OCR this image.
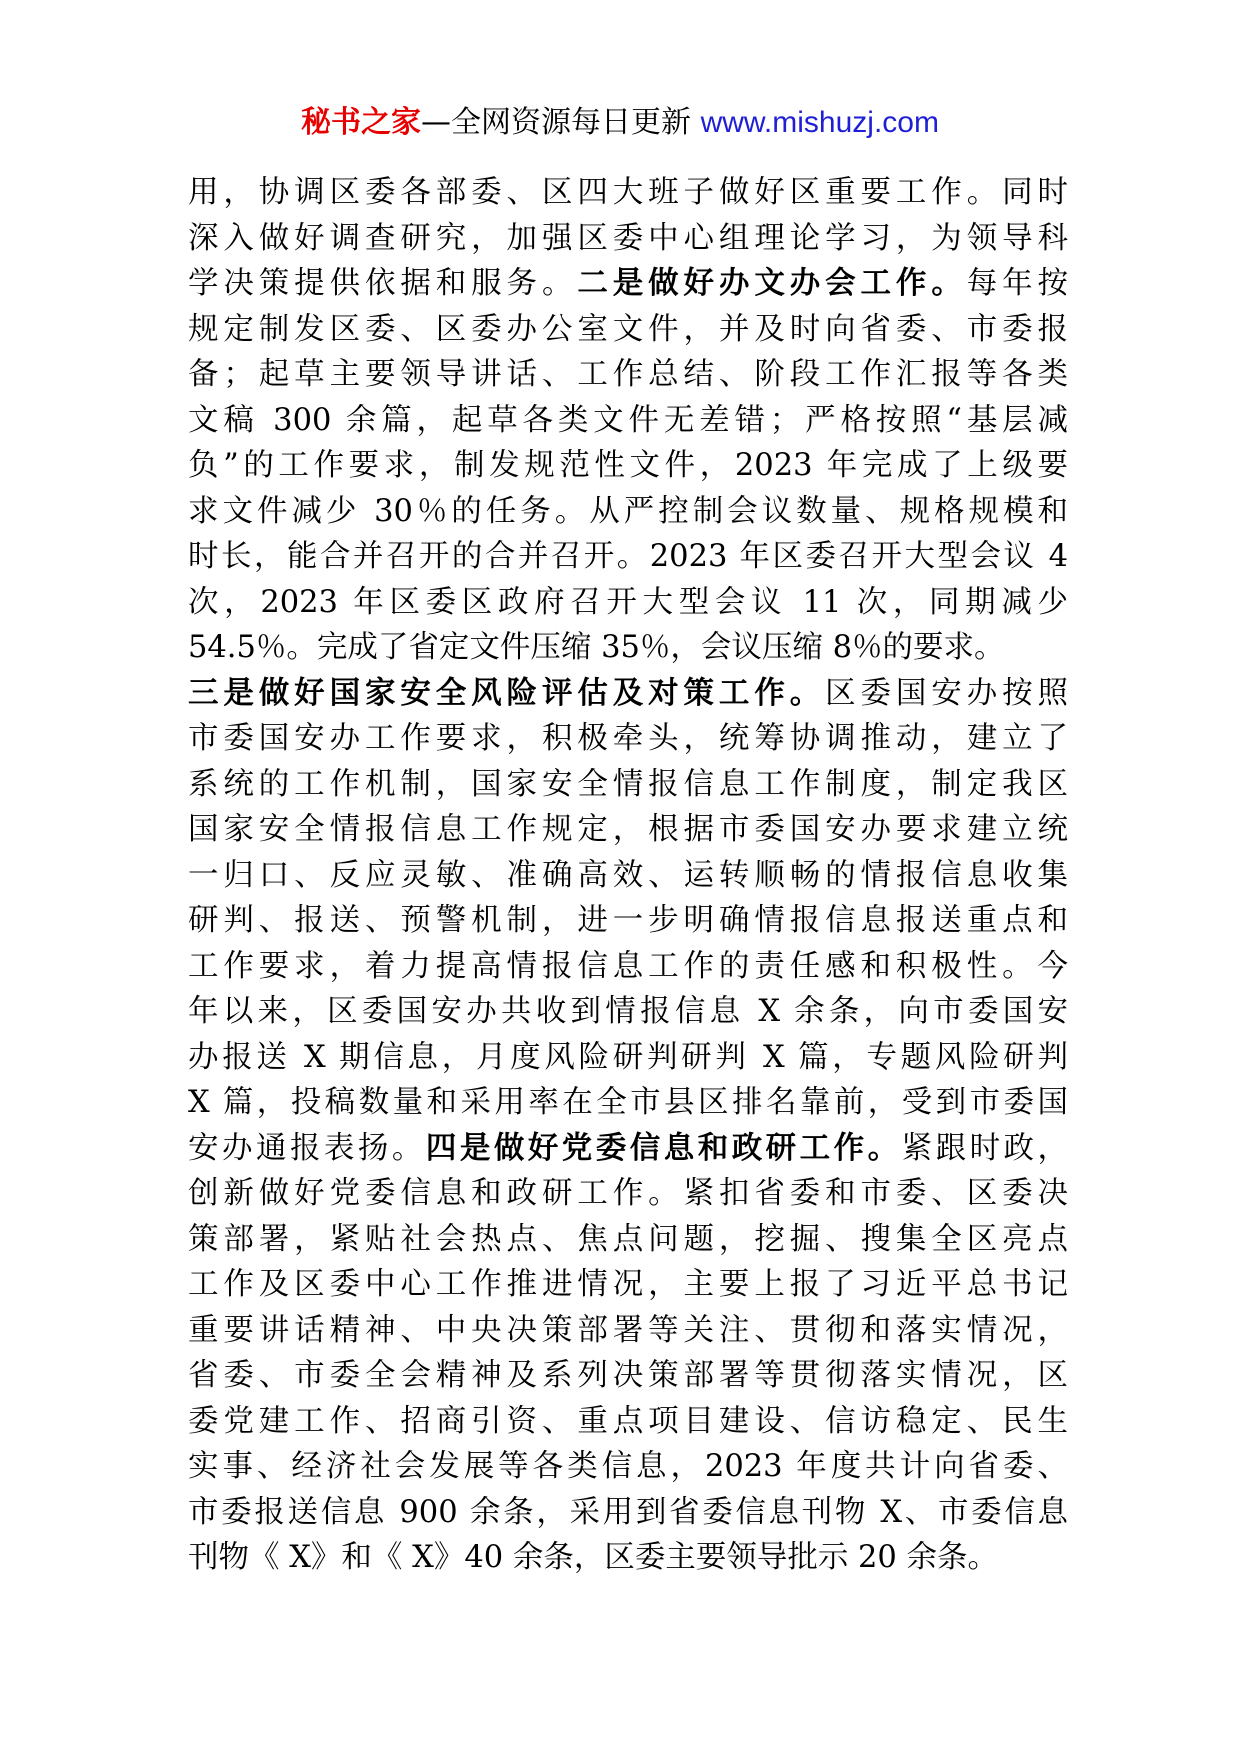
秘书之家—全网资源每日更新 www.mishuzj.com
用，协调区委各部委、区四大班子做好区重要工作。同时
深入做好调查研究，加强区委中心组理论学习，为领导科
学决策提供依据和服务。二是做好办文办会工作。每年按
规定制发区委、区委办公室文件，并及时向省委、市委报
备；起草主要领导讲话、工作总结、阶段工作汇报等各类
文稿 300 余篇，起草各类文件无差错；严格按照“基层减
负”的工作要求，制发规范性文件，2023 年完成了上级要
求文件减少 30％的任务。从严控制会议数量、规格规模和
时长，能合并召开的合并召开。2023 年区委召开大型会议 4
次，2023 年区委区政府召开大型会议 11 次，同期减少
54.5％。完成了省定文件压缩 35％，会议压缩 8％的要求。
三是做好国家安全风险评估及对策工作。区委国安办按照
市委国安办工作要求，积极牵头，统筹协调推动，建立了
系统的工作机制，国家安全情报信息工作制度，制定我区
国家安全情报信息工作规定，根据市委国安办要求建立统
一归口、反应灵敏、准确高效、运转顺畅的情报信息收集
研判、报送、预警机制，进一步明确情报信息报送重点和
工作要求，着力提高情报信息工作的责任感和积极性。今
年以来，区委国安办共收到情报信息 X 余条，向市委国安
办报送 X 期信息，月度风险研判研判 X 篇，专题风险研判
X 篇，投稿数量和采用率在全市县区排名靠前，受到市委国
安办通报表扬。四是做好党委信息和政研工作。紧跟时政，
创新做好党委信息和政研工作。紧扣省委和市委、区委决
策部署，紧贴社会热点、焦点问题，挖掘、搜集全区亮点
工作及区委中心工作推进情况，主要上报了习近平总书记
重要讲话精神、中央决策部署等关注、贯彻和落实情况，
省委、市委全会精神及系列决策部署等贯彻落实情况，区
委党建工作、招商引资、重点项目建设、信访稳定、民生
实事、经济社会发展等各类信息，2023 年度共计向省委、
市委报送信息 900 余条，采用到省委信息刊物 X、市委信息
刊物《 X》和《 X》40 余条，区委主要领导批示 20 余条。
